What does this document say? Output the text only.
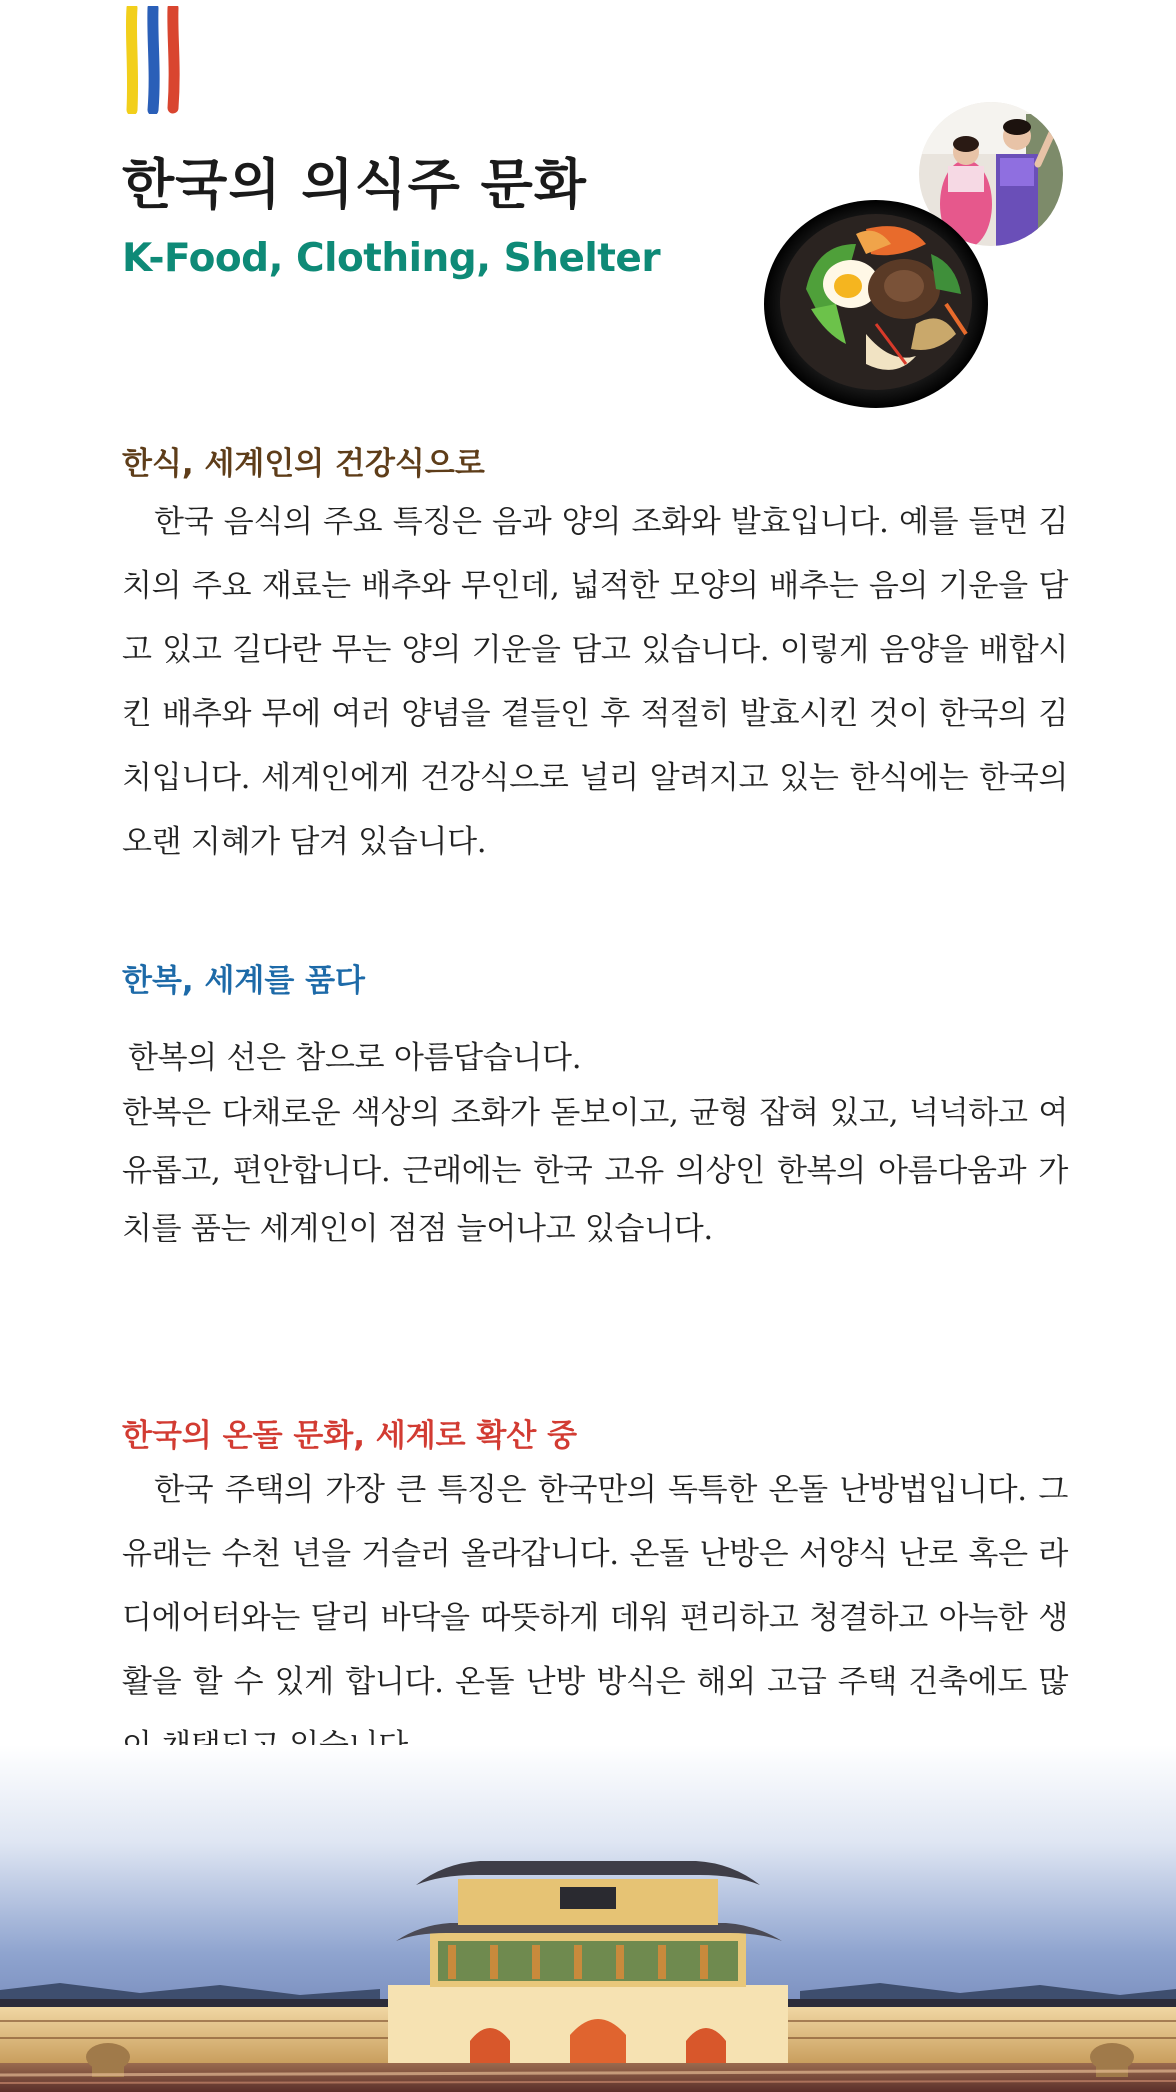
한국의 의식주 문화
K-Food, Clothing, Shelter
한식, 세계인의 건강식으로

한국 음식의 주요 특징은 음과 양의 조화와 발효입니다. 예를 들면 김치의 주요 재료는 배추와 무인데, 넓적한 모양의 배추는 음의 기운을 담고 있고 길다란 무는 양의 기운을 담고 있습니다. 이렇게 음양을 배합시킨 배추와 무에 여러 양념을 곁들인 후 적절히 발효시킨 것이 한국의 김치입니다. 세계인에게 건강식으로 널리 알려지고 있는 한식에는 한국의 오랜 지혜가 담겨 있습니다.

한복, 세계를 품다

한복의 선은 참으로 아름답습니다.

한복은 다채로운 색상의 조화가 돋보이고, 균형 잡혀 있고, 넉넉하고 여유롭고, 편안합니다. 근래에는 한국 고유 의상인 한복의 아름다움과 가치를 품는 세계인이 점점 늘어나고 있습니다.

한국의 온돌 문화, 세계로 확산 중

한국 주택의 가장 큰 특징은 한국만의 독특한 온돌 난방법입니다. 그 유래는 수천 년을 거슬러 올라갑니다. 온돌 난방은 서양식 난로 혹은 라디에어터와는 달리 바닥을 따뜻하게 데워 편리하고 청결하고 아늑한 생활을 할 수 있게 합니다. 온돌 난방 방식은 해외 고급 주택 건축에도 많
